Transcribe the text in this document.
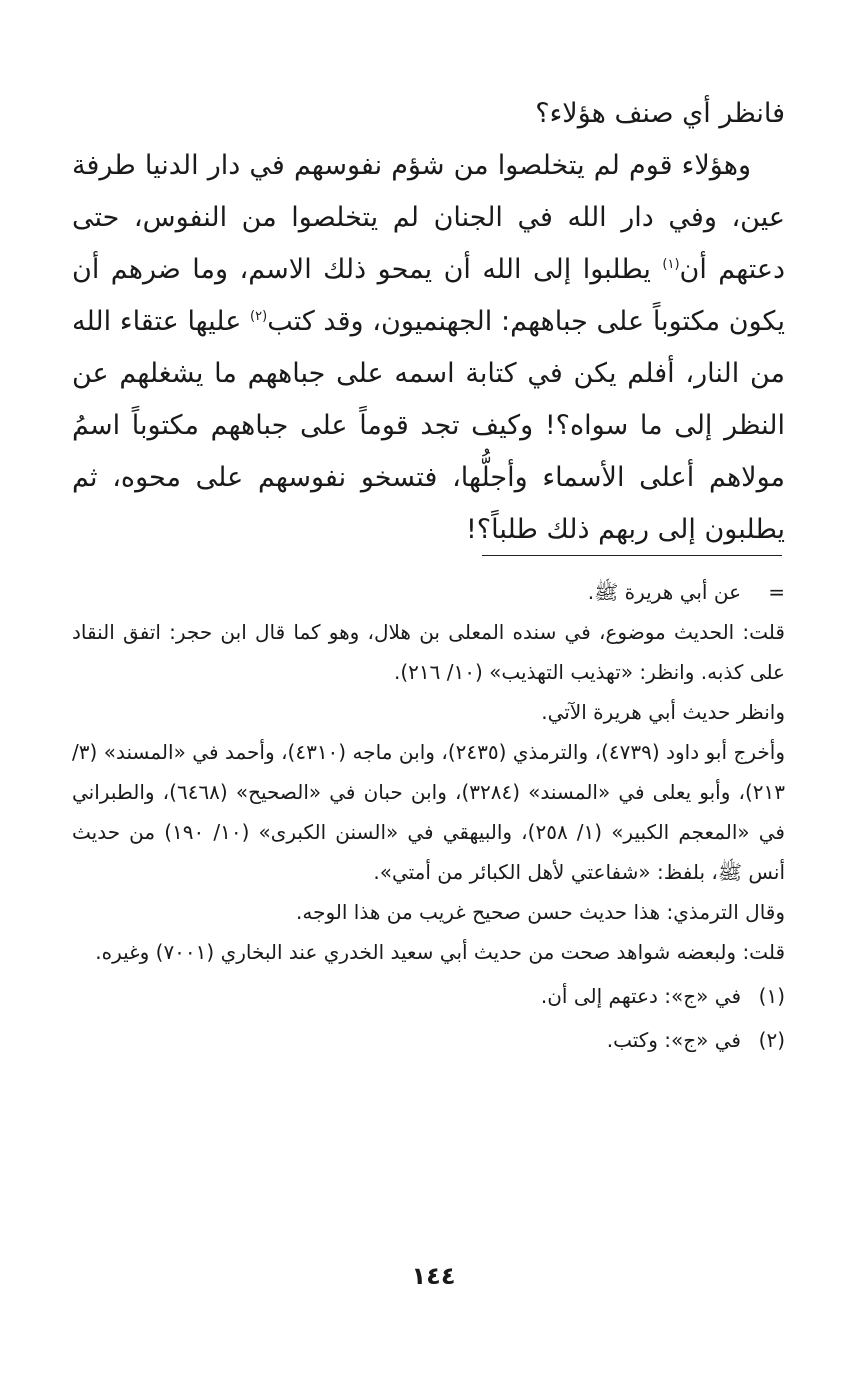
فانظر أي صنف هؤلاء؟

وهؤلاء قوم لم يتخلصوا من شؤم نفوسهم في دار الدنيا طرفة عين، وفي دار الله في الجنان لم يتخلصوا من النفوس، حتى دعتهم أن$^{(١)}$ يطلبوا إلى الله أن يمحو ذلك الاسم، وما ضرهم أن يكون مكتوباً على جباههم: الجهنميون، وقد كتب$^{(٢)}$ عليها عتقاء الله من النار، أفلم يكن في كتابة اسمه على جباههم ما يشغلهم عن النظر إلى ما سواه؟! وكيف تجد قوماً على جباههم مكتوباً اسمُ مولاهم أعلى الأسماء وأجلُّها، فتسخو نفوسهم على محوه، ثم يطلبون إلى ربهم ذلك طلباً؟!

=
عن أبي هريرة ﷺ.

قلت: الحديث موضوع، في سنده المعلى بن هلال، وهو كما قال ابن حجر: اتفق النقاد على كذبه. وانظر: «تهذيب التهذيب» (١٠/ ٢١٦).

وانظر حديث أبي هريرة الآتي.

وأخرج أبو داود (٤٧٣٩)، والترمذي (٢٤٣٥)، وابن ماجه (٤٣١٠)، وأحمد في «المسند» (٣/ ٢١٣)، وأبو يعلى في «المسند» (٣٢٨٤)، وابن حبان في «الصحيح» (٦٤٦٨)، والطبراني في «المعجم الكبير» (١/ ٢٥٨)، والبيهقي في «السنن الكبرى» (١٠/ ١٩٠) من حديث أنس ﷺ، بلفظ: «شفاعتي لأهل الكبائر من أمتي».

وقال الترمذي: هذا حديث حسن صحيح غريب من هذا الوجه.

قلت: ولبعضه شواهد صحت من حديث أبي سعيد الخدري عند البخاري (٧٠٠١) وغيره.

(١)
في «ج»: دعتهم إلى أن.
(٢)
في «ج»: وكتب.
١٤٤
